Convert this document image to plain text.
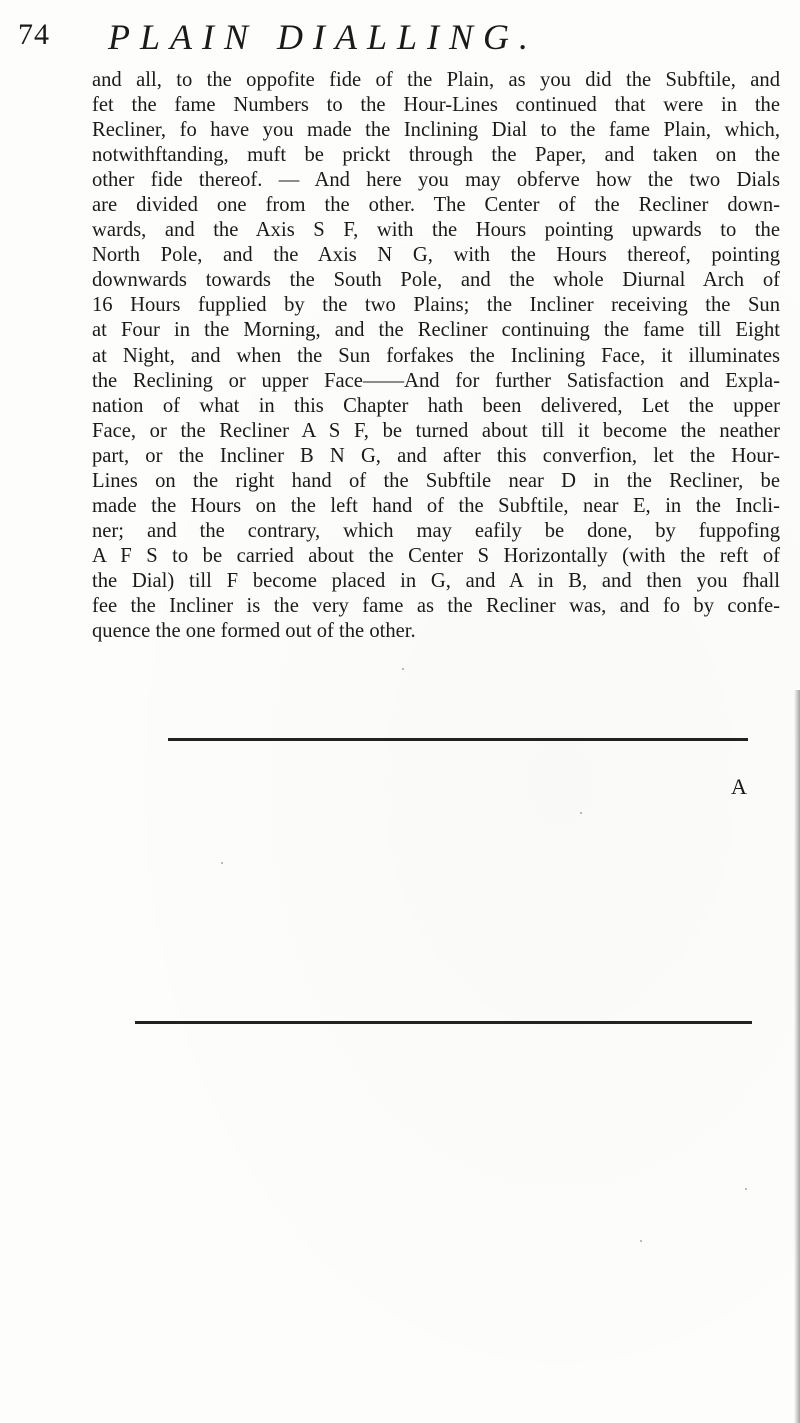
74 PLAIN DIALLING.
and all, to the oppofite fide of the Plain, as you did the Subftile, and
fet the fame Numbers to the Hour-Lines continued that were in the
Recliner, fo have you made the Inclining Dial to the fame Plain, which,
notwithftanding, muft be prickt through the Paper, and taken on the
other fide thereof. — And here you may obferve how the two Dials
are divided one from the other. The Center of the Recliner down-
wards, and the Axis S F, with the Hours pointing upwards to the
North Pole, and the Axis N G, with the Hours thereof, pointing
downwards towards the South Pole, and the whole Diurnal Arch of
16 Hours fupplied by the two Plains; the Incliner receiving the Sun
at Four in the Morning, and the Recliner continuing the fame till Eight
at Night, and when the Sun forfakes the Inclining Face, it illuminates
the Reclining or upper Face——And for further Satisfaction and Expla-
nation of what in this Chapter hath been delivered, Let the upper
Face, or the Recliner A S F, be turned about till it become the neather
part, or the Incliner B N G, and after this converfion, let the Hour-
Lines on the right hand of the Subftile near D in the Recliner, be
made the Hours on the left hand of the Subftile, near E, in the Incli-
ner; and the contrary, which may eafily be done, by fuppofing
A F S to be carried about the Center S Horizontally (with the reft of
the Dial) till F become placed in G, and A in B, and then you fhall
fee the Incliner is the very fame as the Recliner was, and fo by confe-
quence the one formed out of the other.
A
